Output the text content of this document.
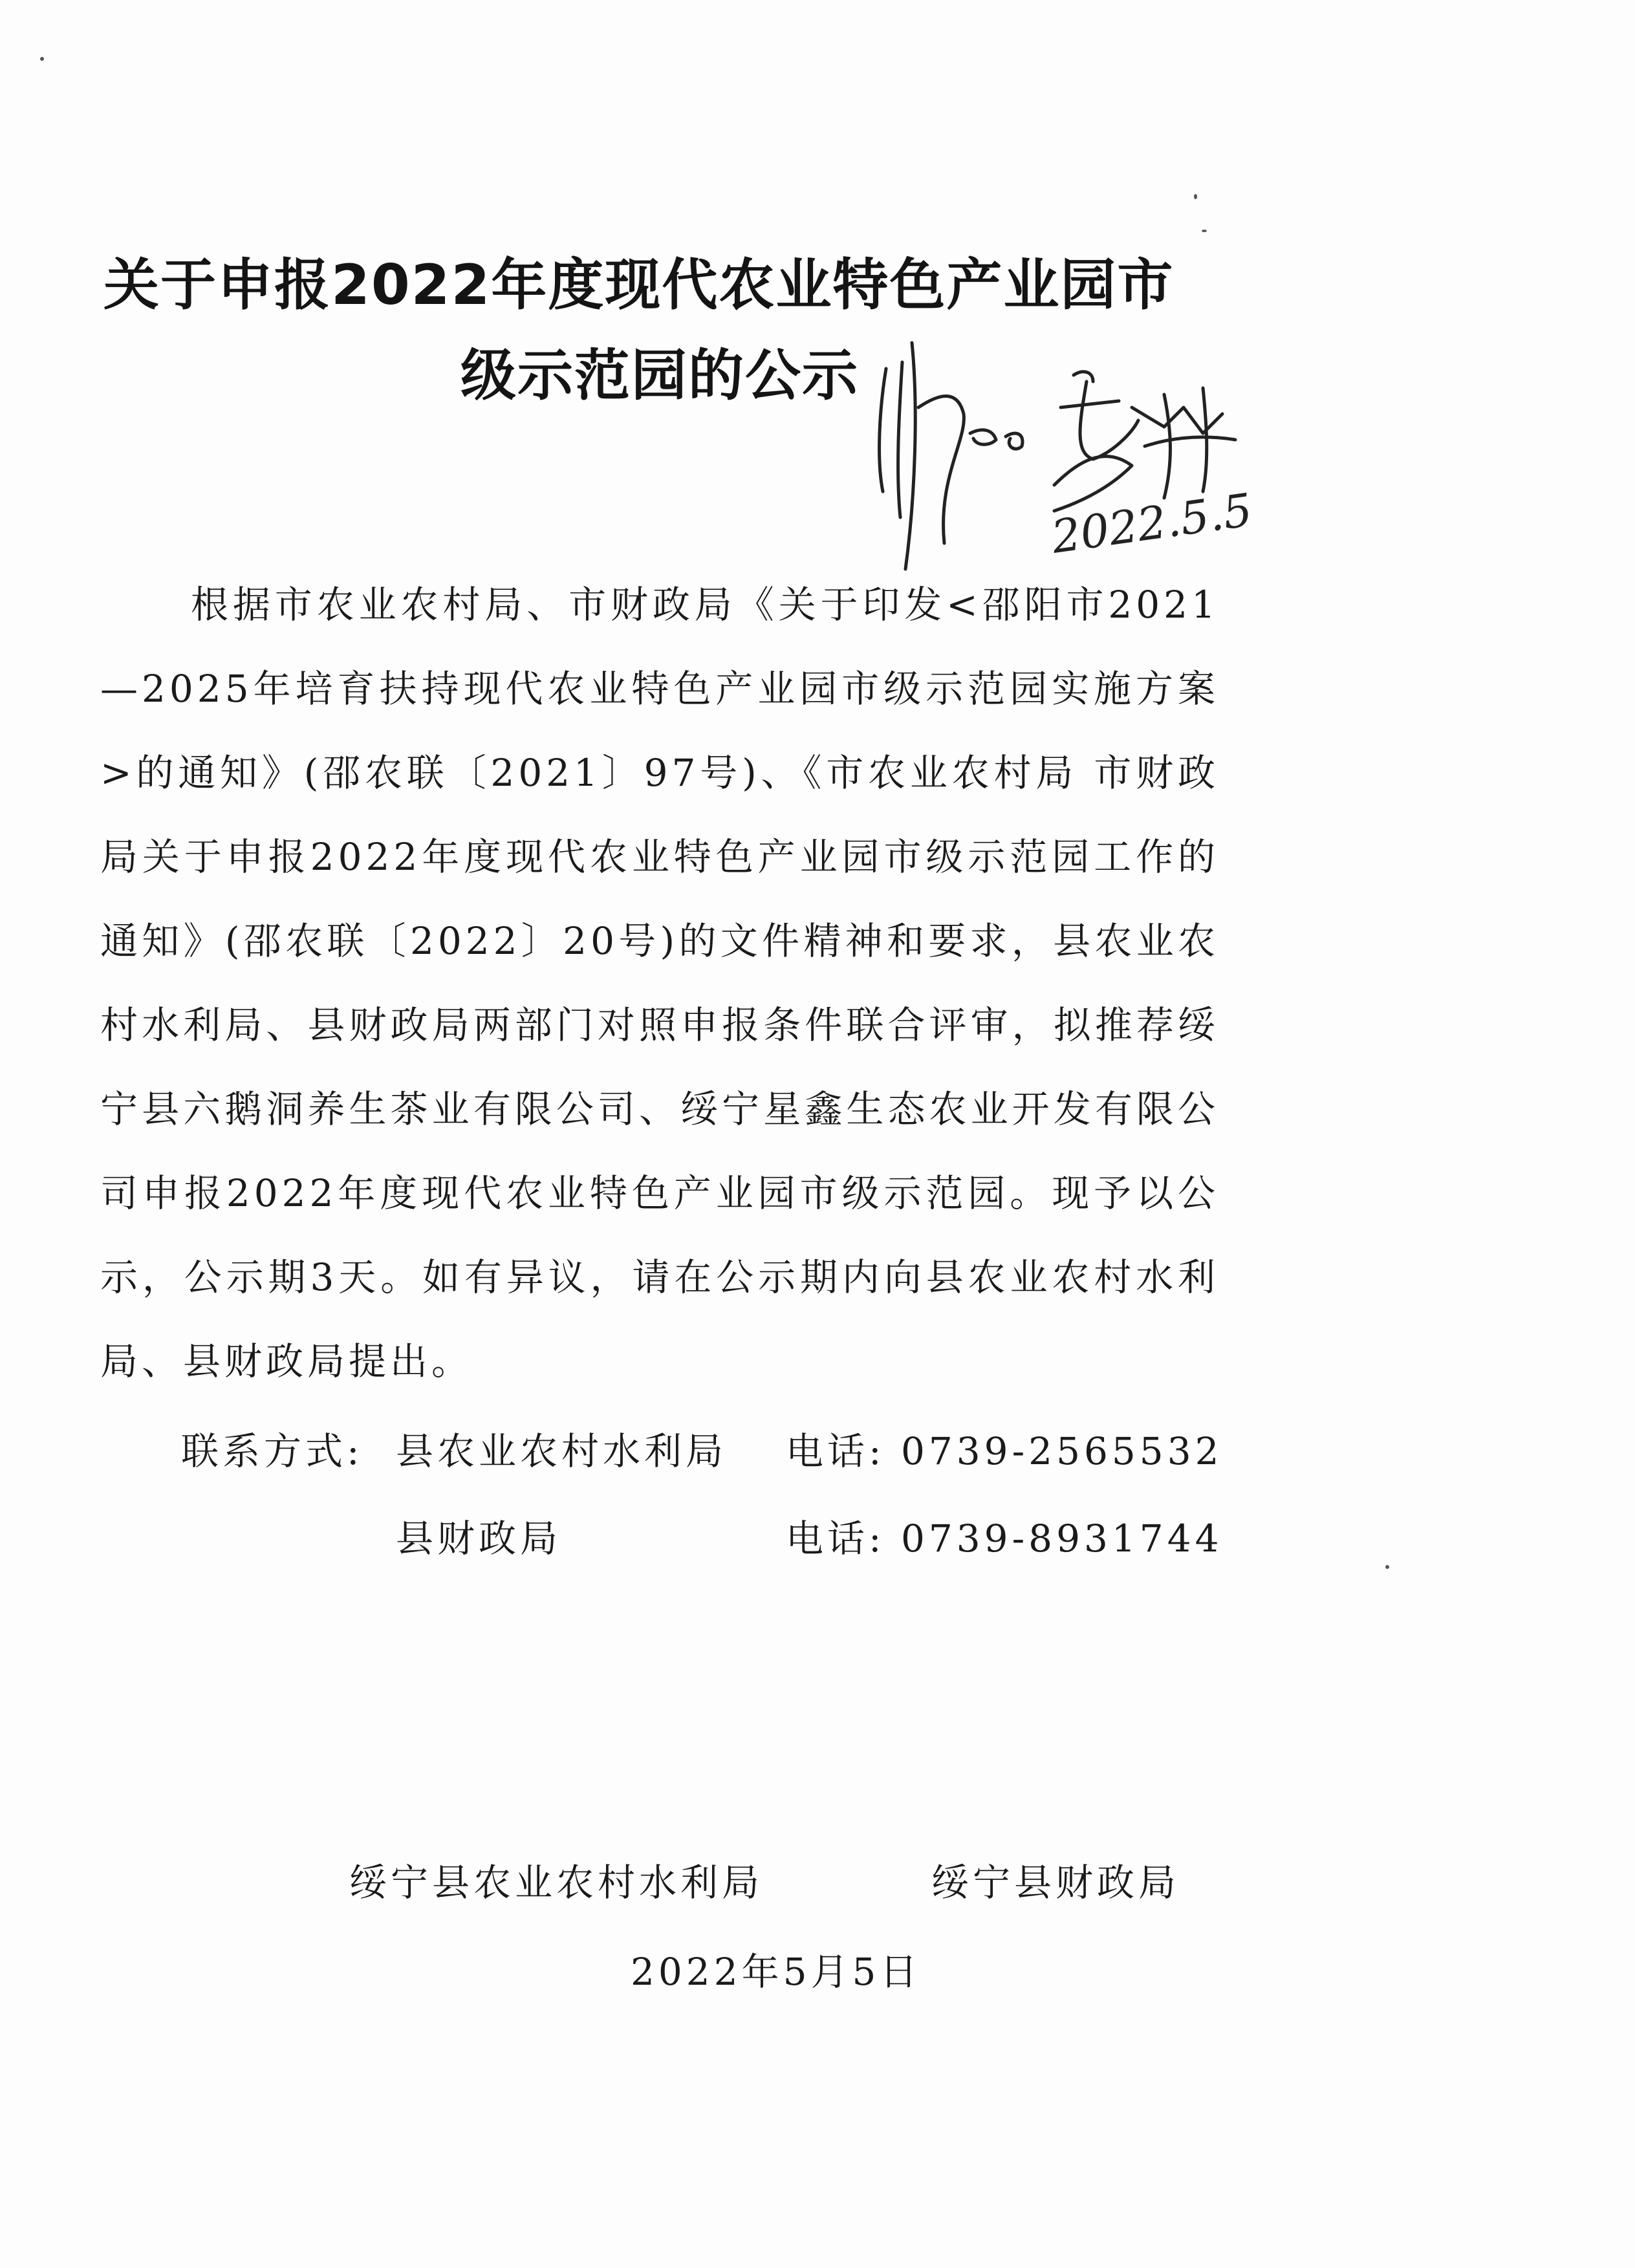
关于申报2022年度现代农业特色产业园市
级示范园的公示
2022.5.5
根据市农业农村局、市财政局《关于印发<邵阳市2021—2025年培育扶持现代农业特色产业园市级示范园实施方案>的通知》(邵农联〔2021〕97号)、《市农业农村局 市财政局关于申报2022年度现代农业特色产业园市级示范园工作的通知》(邵农联〔2022〕20号)的文件精神和要求，县农业农村水利局、县财政局两部门对照申报条件联合评审，拟推荐绥宁县六鹅洞养生茶业有限公司、绥宁星鑫生态农业开发有限公司申报2022年度现代农业特色产业园市级示范园。现予以公示，公示期3天。如有异议，请在公示期内向县农业农村水利局、县财政局提出。
联系方式: 县农业农村水利局 电话: 0739-2565532
县财政局	电话: 0739-8931744
绥宁县农业农村水利局	绥宁县财政局
2022年5月5日
